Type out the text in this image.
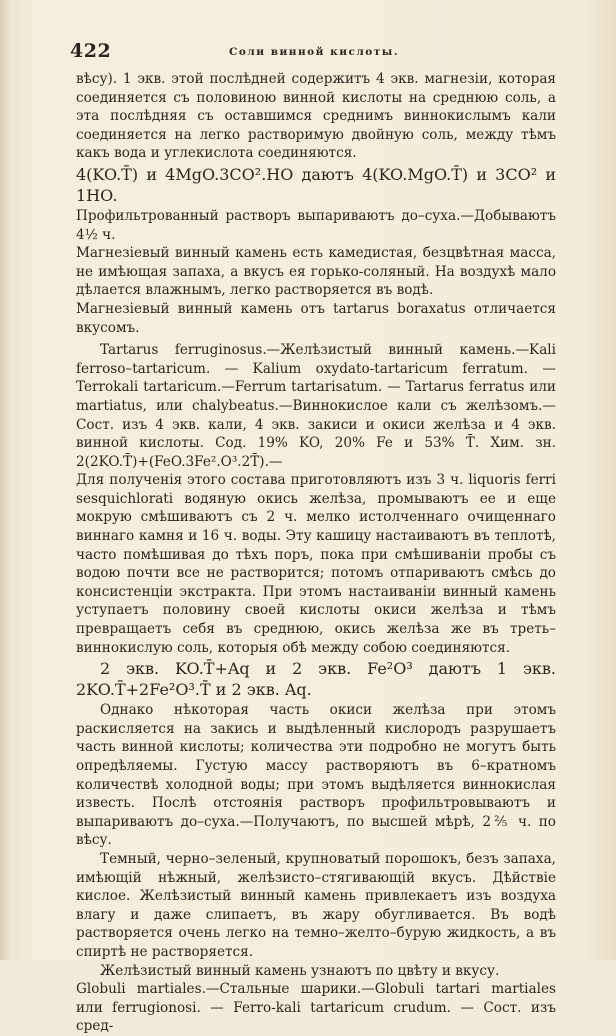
422	Соли винной кислоты.

вѣсу). 1 экв. этой послѣдней содержитъ 4 экв. магнезіи, которая соединяется съ половиною винной кислоты на среднюю соль, а эта послѣдняя съ оставшимся среднимъ виннокислымъ кали соединяется на легко растворимую двойную соль, между тѣмъ какъ вода и углекислота соединяются.

4(KO.T̄) и 4MgO.3CO².HO даютъ 4(KO.MgO.T̄) и 3CO² и 1HO.

Профильтрованный растворъ выпариваютъ до–суха.—Добываютъ 4½ ч.

Магнезіевый винный камень есть камедистая, безцвѣтная масса, не имѣющая запаха, а вкусъ ея горько-соляный. На воздухѣ мало дѣлается влажнымъ, легко растворяется въ водѣ.

Магнезіевый винный камень отъ tartarus boraxatus отличается вкусомъ.

Tartarus ferruginosus.—Желѣзистый винный камень.—Kali ferroso–tartaricum. — Kalium oxydato-tartaricum ferratum. — Terrokali tartaricum.—Ferrum tartarisatum. — Tartarus ferratus или martiatus, или chalybeatus.—Виннокислое кали съ желѣзомъ.—Сост. изъ 4 экв. кали, 4 экв. закиси и окиси желѣза и 4 экв. винной кислоты. Сод. 19% KO, 20% Fe и 53% T̄. Хим. зн. 2(2KO.T̄)+(FeO.3Fe².O³.2T̄).—

Для полученія этого состава приготовляютъ изъ 3 ч. liquoris ferri sesquichlorati водяную окись желѣза, промываютъ ее и еще мокрую смѣшиваютъ съ 2 ч. мелко истолченнаго очищеннаго виннаго камня и 16 ч. воды. Эту кашицу настаиваютъ въ теплотѣ, часто помѣшивая до тѣхъ поръ, пока при смѣшиваніи пробы съ водою почти все не растворится; потомъ отпариваютъ смѣсь до консистенціи экстракта. При этомъ настаиваніи винный камень уступаетъ половину своей кислоты окиси желѣза и тѣмъ превращаетъ себя въ среднюю, окись желѣза же въ треть–виннокислую соль, которыя обѣ между собою соединяются.

2 экв. KO.T̄+Aq и 2 экв. Fe²O³ даютъ 1 экв. 2KO.T̄+2Fe²O³.T̄ и 2 экв. Aq.

Однако нѣкоторая часть окиси желѣза при этомъ раскисляется на закись и выдѣленный кислородъ разрушаетъ часть винной кислоты; количества эти подробно не могутъ быть опредѣляемы. Густую массу растворяютъ въ 6–кратномъ количествѣ холодной воды; при этомъ выдѣляется виннокислая известь. Послѣ отстоянія растворъ профильтровываютъ и выпариваютъ до–суха.—Получаютъ, по высшей мѣрѣ, 2⅖ ч. по вѣсу.

Темный, черно–зеленый, крупноватый порошокъ, безъ запаха, имѣющій нѣжный, желѣзисто–стягивающій вкусъ. Дѣйствіе кислое. Желѣзистый винный камень привлекаетъ изъ воздуха влагу и даже слипаетъ, въ жару обугливается. Въ водѣ растворяется очень легко на темно–желто–бурую жидкость, а въ спиртѣ не растворяется.

Желѣзистый винный камень узнаютъ по цвѣту и вкусу.

Globuli martiales.—Стальные шарики.—Globuli tartari martiales или ferrugionosi. — Ferro-kali tartaricum crudum. — Сост. изъ сред-
